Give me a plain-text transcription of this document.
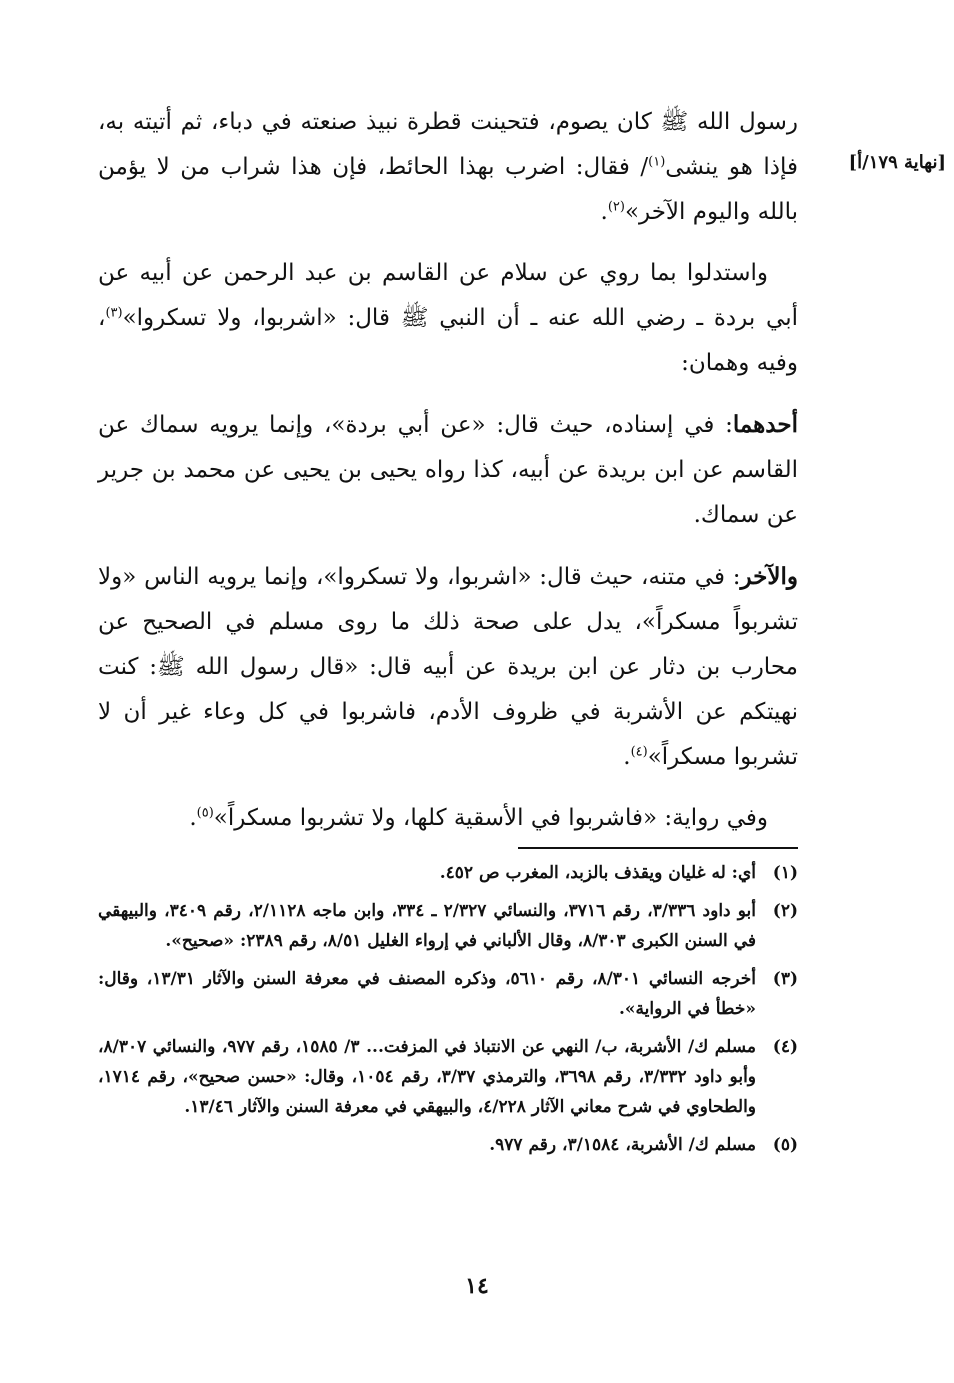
[نهاية ١٧٩/أ]

رسول الله ﷺ كان يصوم، فتحينت قطرة نبيذ صنعته في دباء، ثم أتيته به، فإذا هو ينشى$^{(١)}$/ فقال: اضرب بهذا الحائط، فإن هذا شراب من لا يؤمن بالله واليوم الآخر»$^{(٢)}$.

واستدلوا بما روي عن سلام عن القاسم بن عبد الرحمن عن أبيه عن أبي بردة ـ رضي الله عنه ـ أن النبي ﷺ قال: «اشربوا، ولا تسكروا»$^{(٣)}$، وفيه وهمان:

أحدهما: في إسناده، حيث قال: «عن أبي بردة»، وإنما يرويه سماك عن القاسم عن ابن بريدة عن أبيه، كذا رواه يحيى بن يحيى عن محمد بن جرير عن سماك.

والآخر: في متنه، حيث قال: «اشربوا، ولا تسكروا»، وإنما يرويه الناس «ولا تشربواً مسكراً»، يدل على صحة ذلك ما روى مسلم في الصحيح عن محارب بن دثار عن ابن بريدة عن أبيه قال: «قال رسول الله ﷺ: كنت نهيتكم عن الأشربة في ظروف الأدم، فاشربوا في كل وعاء غير أن لا تشربوا مسكراً»$^{(٤)}$.

وفي رواية: «فاشربوا في الأسقية كلها، ولا تشربوا مسكراً»$^{(٥)}$.

(١)
أي: له غليان ويقذف بالزبد، المغرب ص ٤٥٢.
(٢)
أبو داود ٣/٣٣٦، رقم ٣٧١٦، والنسائي ٢/٣٢٧ ـ ٣٣٤، وابن ماجه ٢/١١٢٨، رقم ٣٤٠٩، والبيهقي في السنن الكبرى ٨/٣٠٣، وقال الألباني في إرواء الغليل ٨/٥١، رقم ٢٣٨٩: «صحيح».
(٣)
أخرجه النسائي ٨/٣٠١، رقم ٥٦١٠، وذكره المصنف في معرفة السنن والآثار ١٣/٣١، وقال: «خطأ في الرواية».
(٤)
مسلم ك/ الأشربة، ب/ النهي عن الانتباذ في المزفت... ٣/ ١٥٨٥، رقم ٩٧٧، والنسائي ٨/٣٠٧، وأبو داود ٣/٣٣٢، رقم ٣٦٩٨، والترمذي ٣/٣٧، رقم ١٠٥٤، وقال: «حسن صحيح»، رقم ١٧١٤، والطحاوي في شرح معاني الآثار ٤/٢٢٨، والبيهقي في معرفة السنن والآثار ١٣/٤٦.
(٥)
مسلم ك/ الأشربة، ٣/١٥٨٤، رقم ٩٧٧.
١٤
